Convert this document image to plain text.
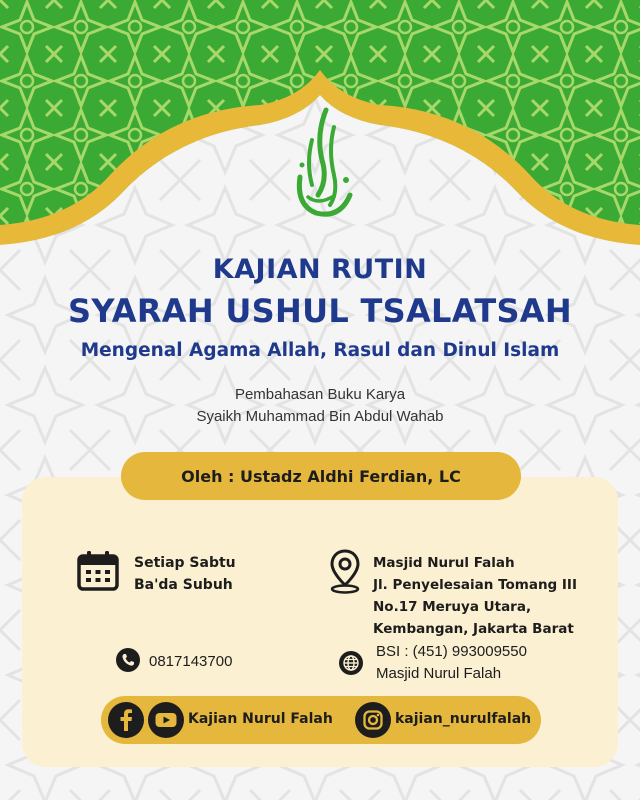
KAJIAN RUTIN
SYARAH USHUL TSALATSAH
Mengenal Agama Allah, Rasul dan Dinul Islam
Pembahasan Buku Karya
Syaikh Muhammad Bin Abdul Wahab
Oleh : Ustadz Aldhi Ferdian, LC
Setiap Sabtu
Ba'da Subuh
Masjid Nurul Falah
Jl. Penyelesaian Tomang III
No.17 Meruya Utara,
Kembangan, Jakarta Barat
0817143700
BSI : (451) 993009550
Masjid Nurul Falah
Kajian Nurul Falah	kajian_nurulfalah
